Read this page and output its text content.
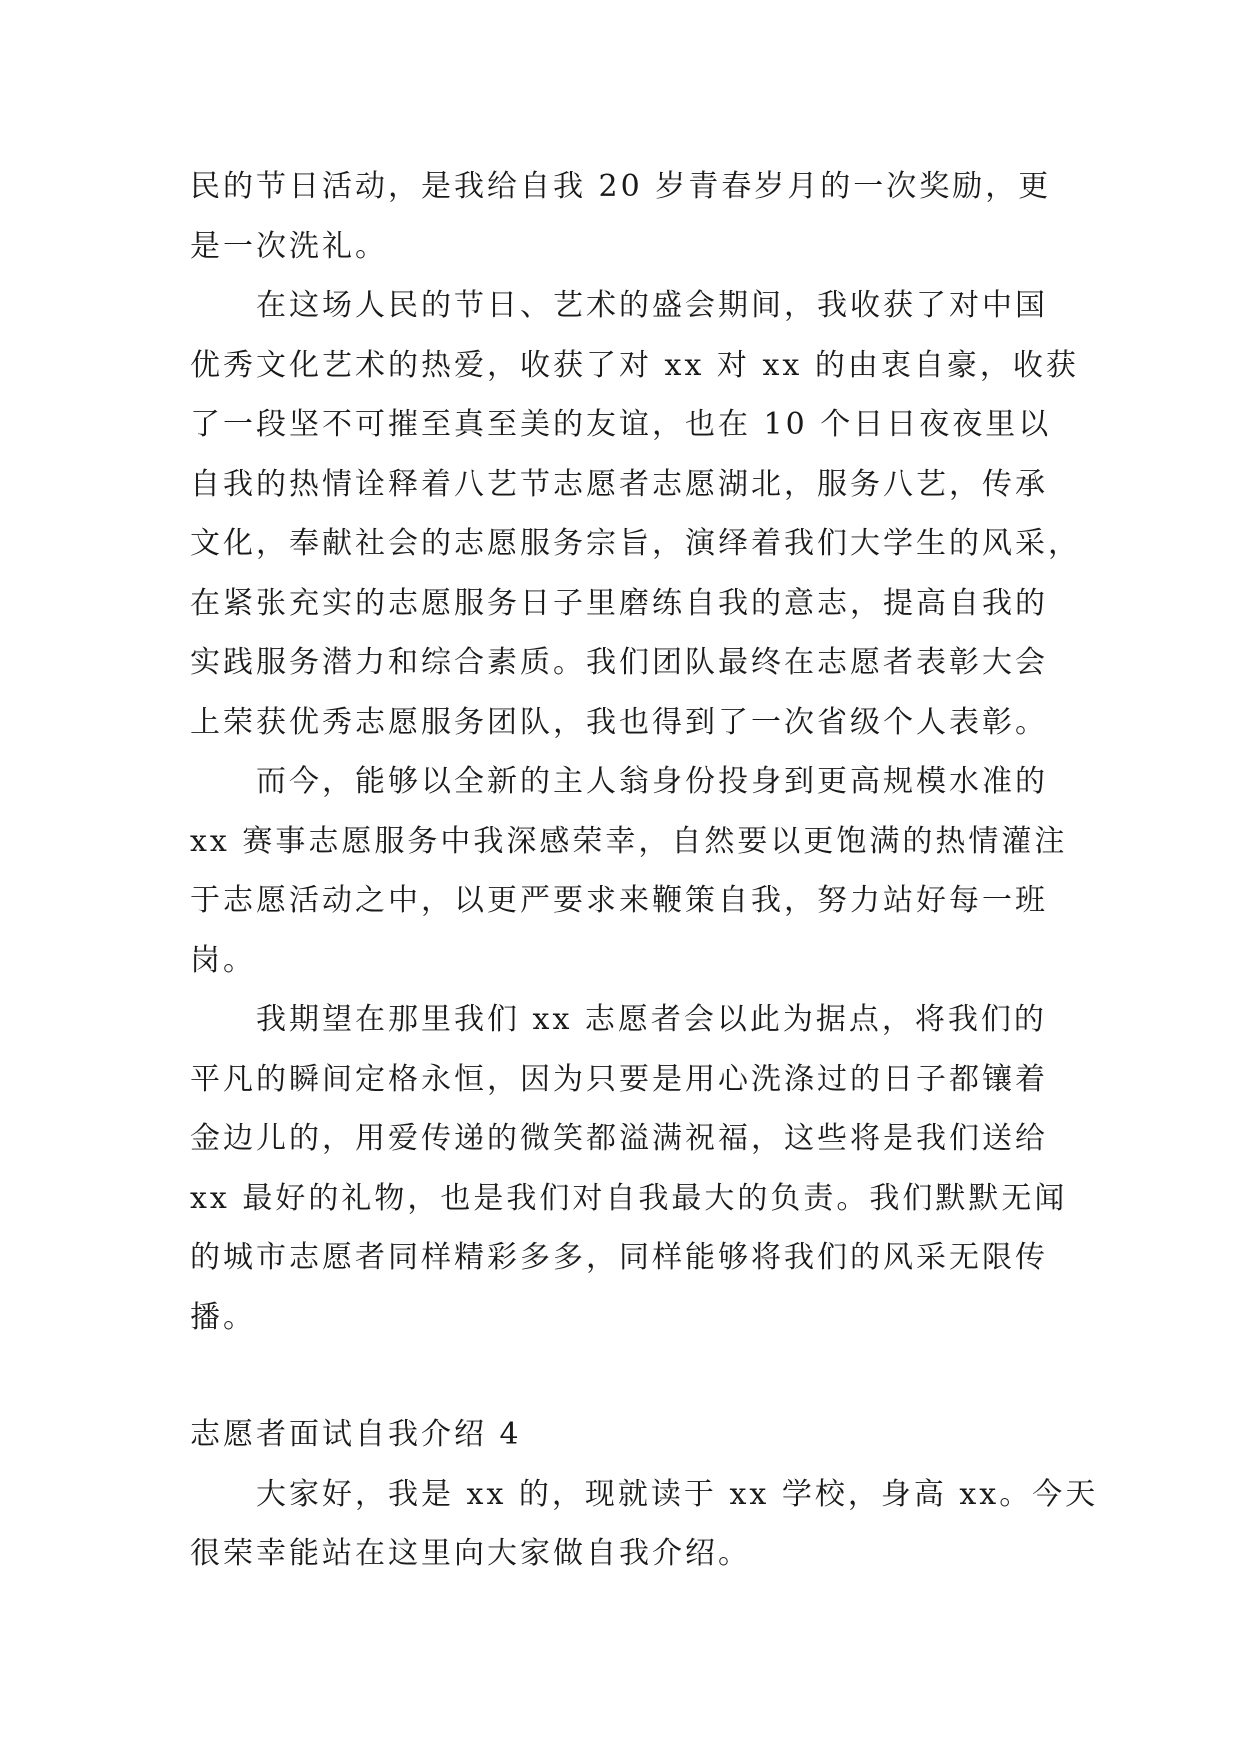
民的节日活动，是我给自我 20 岁青春岁月的一次奖励，更
是一次洗礼。
在这场人民的节日、艺术的盛会期间，我收获了对中国
优秀文化艺术的热爱，收获了对 xx 对 xx 的由衷自豪，收获
了一段坚不可摧至真至美的友谊，也在 10 个日日夜夜里以
自我的热情诠释着八艺节志愿者志愿湖北，服务八艺，传承
文化，奉献社会的志愿服务宗旨，演绎着我们大学生的风采，
在紧张充实的志愿服务日子里磨练自我的意志，提高自我的
实践服务潜力和综合素质。我们团队最终在志愿者表彰大会
上荣获优秀志愿服务团队，我也得到了一次省级个人表彰。
而今，能够以全新的主人翁身份投身到更高规模水准的
xx 赛事志愿服务中我深感荣幸，自然要以更饱满的热情灌注
于志愿活动之中，以更严要求来鞭策自我，努力站好每一班
岗。
我期望在那里我们 xx 志愿者会以此为据点，将我们的
平凡的瞬间定格永恒，因为只要是用心洗涤过的日子都镶着
金边儿的，用爱传递的微笑都溢满祝福，这些将是我们送给
xx 最好的礼物，也是我们对自我最大的负责。我们默默无闻
的城市志愿者同样精彩多多，同样能够将我们的风采无限传
播。
志愿者面试自我介绍 4
大家好，我是 xx 的，现就读于 xx 学校，身高 xx。今天
很荣幸能站在这里向大家做自我介绍。
